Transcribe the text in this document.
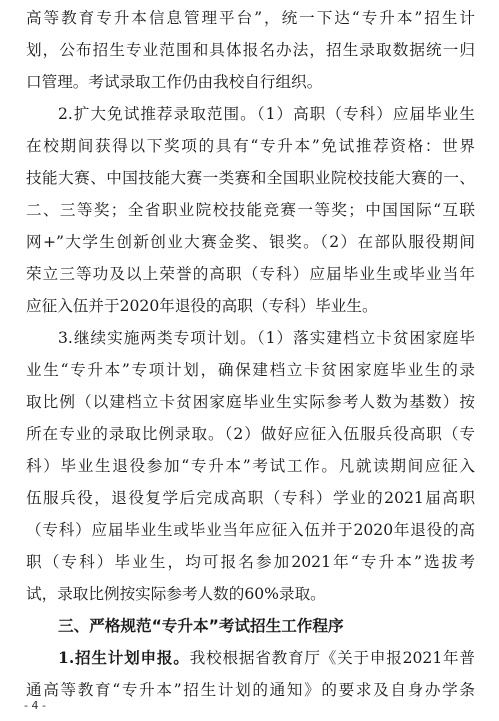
高等教育专升本信息管理平台”，统一下达“专升本”招生计
划，公布招生专业范围和具体报名办法，招生录取数据统一归
口管理。考试录取工作仍由我校自行组织。
2.扩大免试推荐录取范围。（1）高职（专科）应届毕业生
在校期间获得以下奖项的具有“专升本”免试推荐资格：世界
技能大赛、中国技能大赛一类赛和全国职业院校技能大赛的一、
二、三等奖；全省职业院校技能竞赛一等奖；中国国际“互联
网+”大学生创新创业大赛金奖、银奖。（2）在部队服役期间
荣立三等功及以上荣誉的高职（专科）应届毕业生或毕业当年
应征入伍并于2020年退役的高职（专科）毕业生。
3.继续实施两类专项计划。（1）落实建档立卡贫困家庭毕
业生“专升本”专项计划，确保建档立卡贫困家庭毕业生的录
取比例（以建档立卡贫困家庭毕业生实际参考人数为基数）按
所在专业的录取比例录取。（2）做好应征入伍服兵役高职（专
科）毕业生退役参加“专升本”考试工作。凡就读期间应征入
伍服兵役，退役复学后完成高职（专科）学业的2021届高职
（专科）应届毕业生或毕业当年应征入伍并于2020年退役的高
职（专科）毕业生，均可报名参加2021年“专升本”选拔考
试，录取比例按实际参考人数的60%录取。
三、严格规范“专升本”考试招生工作程序
1.招生计划申报。我校根据省教育厅《关于申报2021年普
通高等教育“专升本”招生计划的通知》的要求及自身办学条
- 4 -
